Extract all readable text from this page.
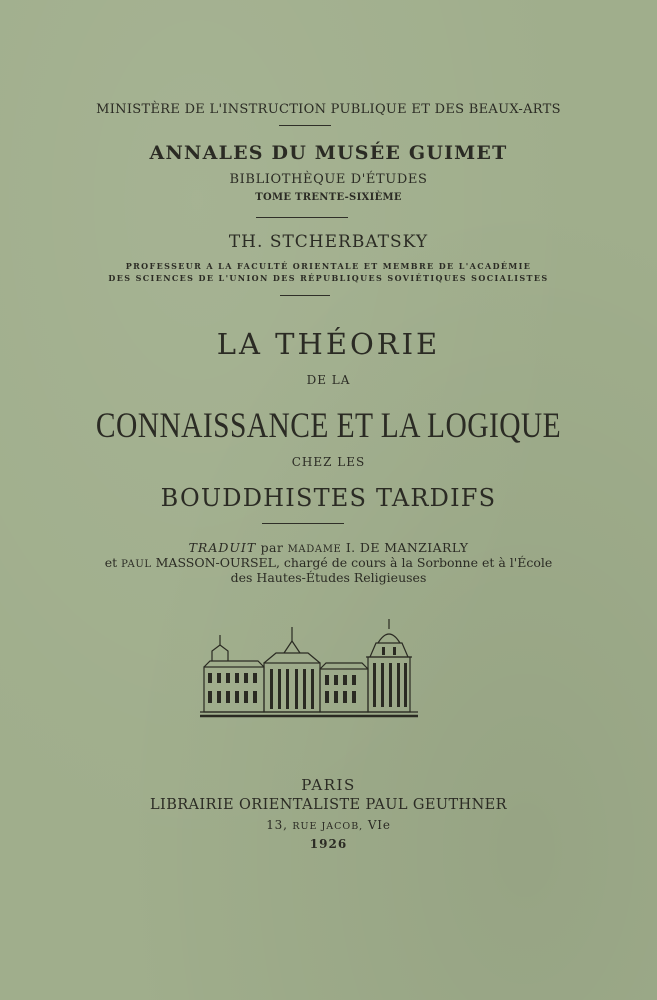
MINISTÈRE DE L'INSTRUCTION PUBLIQUE ET DES BEAUX-ARTS
ANNALES DU MUSÉE GUIMET
BIBLIOTHÈQUE D'ÉTUDES
TOME TRENTE-SIXIÈME
TH. STCHERBATSKY
PROFESSEUR A LA FACULTÉ ORIENTALE ET MEMBRE DE L'ACADÉMIE
DES SCIENCES DE L'UNION DES RÉPUBLIQUES SOVIÉTIQUES SOCIALISTES
LA THÉORIE
DE LA
CONNAISSANCE ET LA LOGIQUE
CHEZ LES
BOUDDHISTES TARDIFS
TRADUIT par MADAME I. DE MANZIARLY
et PAUL MASSON-OURSEL, chargé de cours à la Sorbonne et à l'École
des Hautes-Études Religieuses
PARIS
LIBRAIRIE ORIENTALISTE PAUL GEUTHNER
13, RUE JACOB, VIe
1926
